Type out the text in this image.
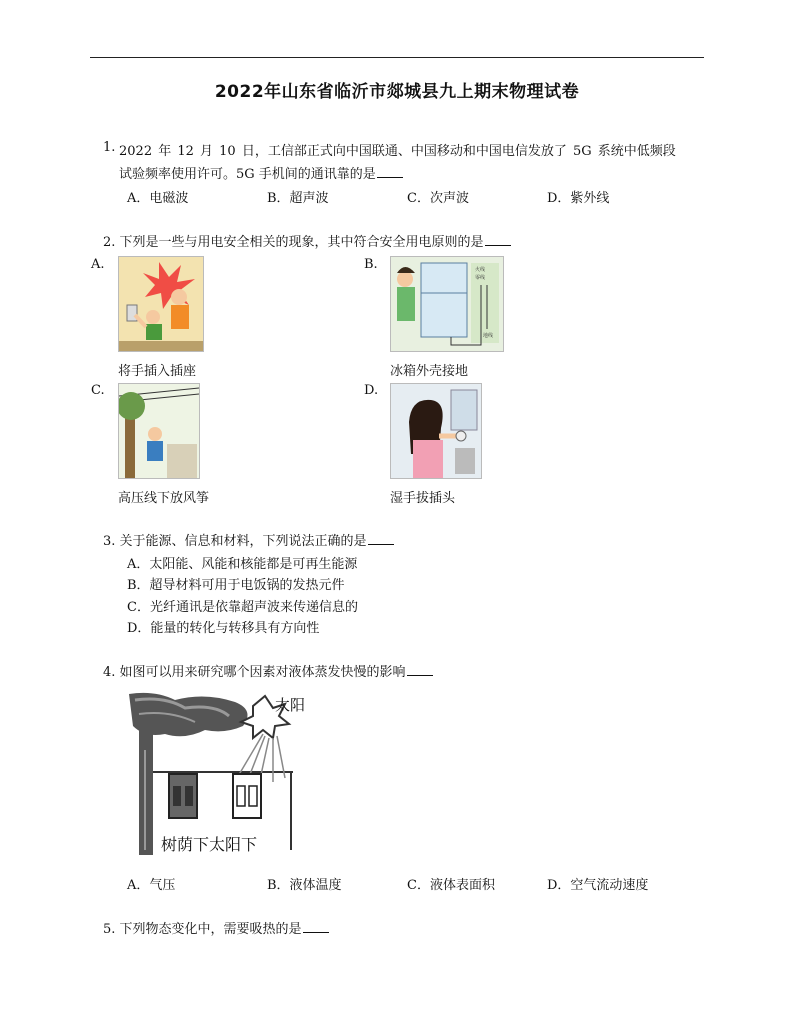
2022年山东省临沂市郯城县九上期末物理试卷
1. 2022 年 12 月 10 日，工信部正式向中国联通、中国移动和中国电信发放了 5G 系统中低频段
试验频率使用许可。5G 手机间的通讯靠的是
A．电磁波	B．超声波	C．次声波	D．紫外线
2. 下列是一些与用电安全相关的现象，其中符合安全用电原则的是
A.
将手插入插座
B.	火线
零线
地线
冰箱外壳接地
C.
高压线下放风筝
D.
湿手拔插头
3. 关于能源、信息和材料，下列说法正确的是
A．太阳能、风能和核能都是可再生能源
B．超导材料可用于电饭锅的发热元件
C．光纤通讯是依靠超声波来传递信息的
D．能量的转化与转移具有方向性
4. 如图可以用来研究哪个因素对液体蒸发快慢的影响
太阳
树荫下太阳下
A．气压	B．液体温度	C．液体表面积	D．空气流动速度
5. 下列物态变化中，需要吸热的是
